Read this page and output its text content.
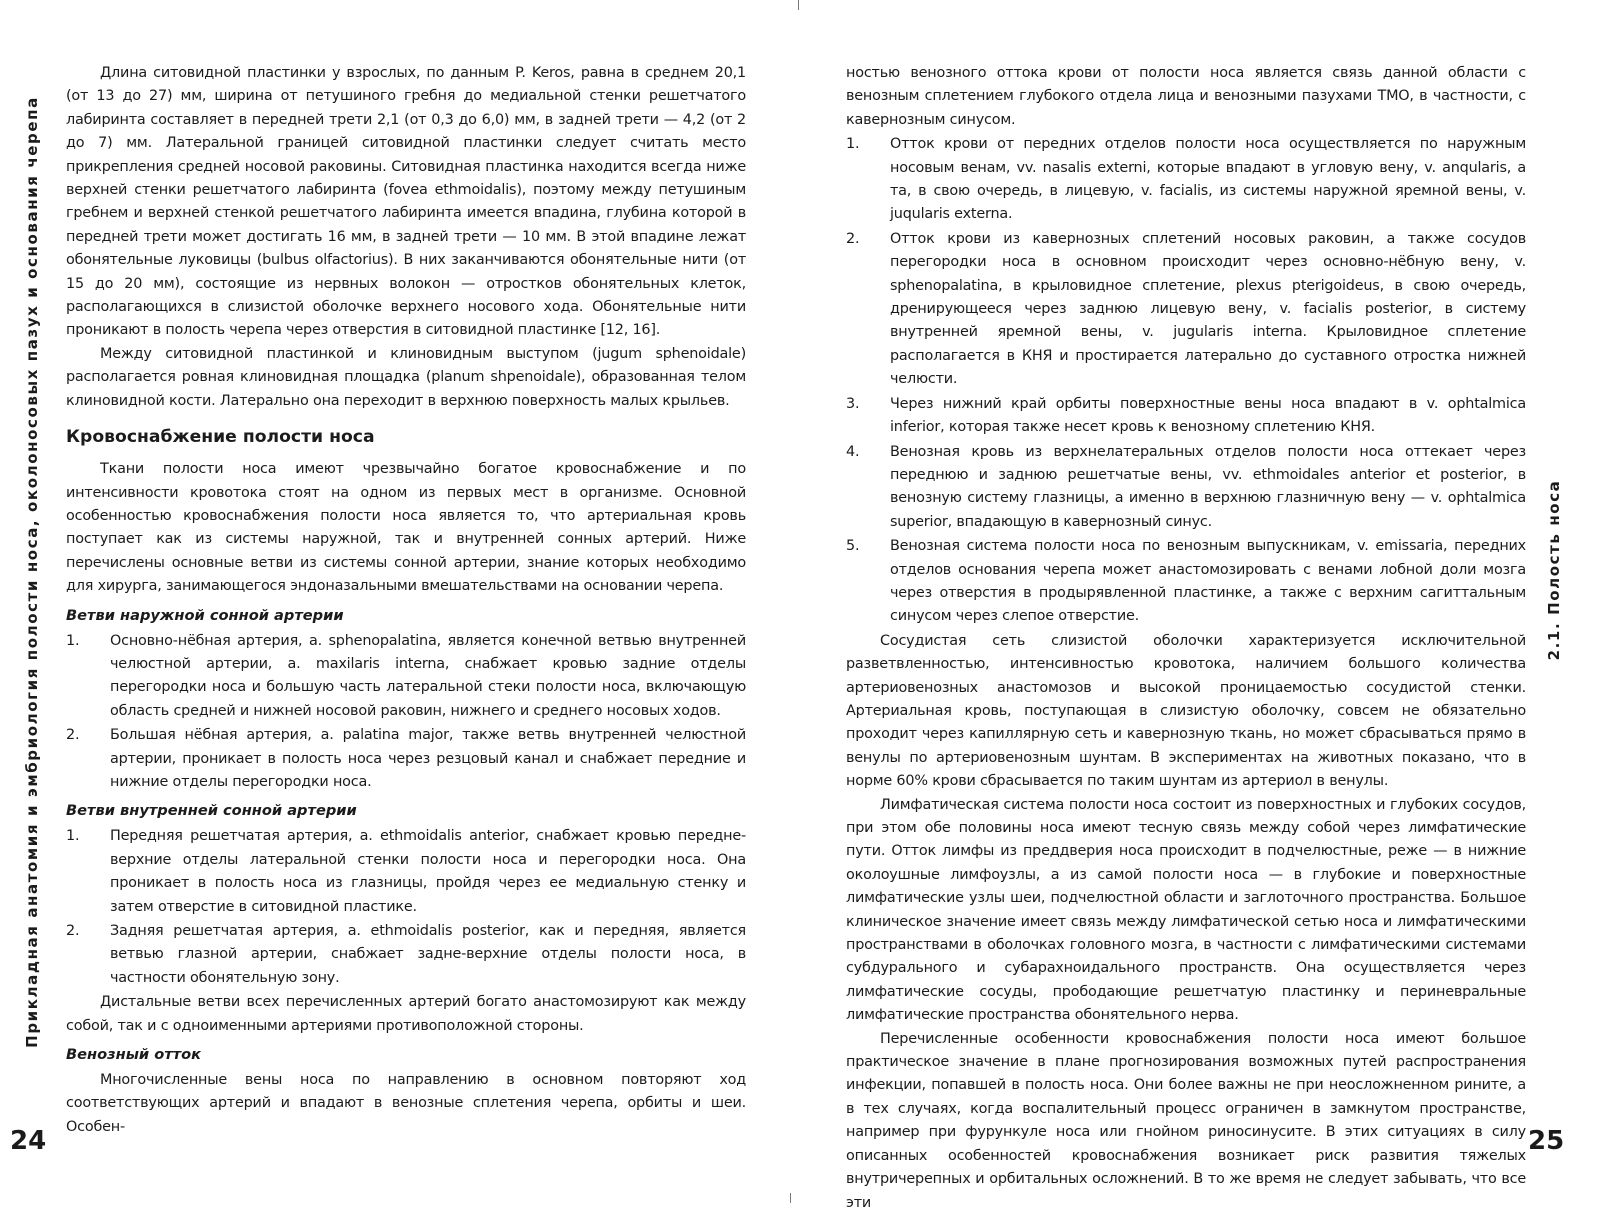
Прикладная анатомия и эмбриология полости носа, околоносовых пазух и основания черепа

Длина ситовидной пластинки у взрослых, по данным P. Keros, равна в среднем 20,1 (от 13 до 27) мм, ширина от петушиного гребня до медиальной стенки решетчатого лабиринта составляет в передней трети 2,1 (от 0,3 до 6,0) мм, в задней трети — 4,2 (от 2 до 7) мм. Латеральной границей ситовидной пластинки следует считать место прикрепления средней носовой раковины. Ситовидная пластинка находится всегда ниже верхней стенки решетчатого лабиринта (fovea ethmoidalis), поэтому между петушиным гребнем и верхней стенкой решетчатого лабиринта имеется впадина, глубина которой в передней трети может достигать 16 мм, в задней трети — 10 мм. В этой впадине лежат обонятельные луковицы (bulbus olfactorius). В них заканчиваются обонятельные нити (от 15 до 20 мм), состоящие из нервных волокон — отростков обонятельных клеток, располагающихся в слизистой оболочке верхнего носового хода. Обонятельные нити проникают в полость черепа через отверстия в ситовидной пластинке [12, 16].

Между ситовидной пластинкой и клиновидным выступом (jugum sphenoidale) располагается ровная клиновидная площадка (planum shpenoidale), образованная телом клиновидной кости. Латерально она переходит в верхнюю поверхность малых крыльев.

Кровоснабжение полости носа

Ткани полости носа имеют чрезвычайно богатое кровоснабжение и по интенсивности кровотока стоят на одном из первых мест в организме. Основной особенностью кровоснабжения полости носа является то, что артериальная кровь поступает как из системы наружной, так и внутренней сонных артерий. Ниже перечислены основные ветви из системы сонной артерии, знание которых необходимо для хирурга, занимающегося эндоназальными вмешательствами на основании черепа.

Ветви наружной сонной артерии
1.	Основно-нёбная артерия, a. sphenopalatina, является конечной ветвью внутренней челюстной артерии, a. maxilaris interna, снабжает кровью задние отделы перегородки носа и большую часть латеральной стеки полости носа, включающую область средней и нижней носовой раковин, нижнего и среднего носовых ходов.
2.	Большая нёбная артерия, a. palatina major, также ветвь внутренней челюстной артерии, проникает в полость носа через резцовый канал и снабжает передние и нижние отделы перегородки носа.
Ветви внутренней сонной артерии
1.	Передняя решетчатая артерия, a. ethmoidalis anterior, снабжает кровью передне-верхние отделы латеральной стенки полости носа и перегородки носа. Она проникает в полость носа из глазницы, пройдя через ее медиальную стенку и затем отверстие в ситовидной пластике.
2.	Задняя решетчатая артерия, a. ethmoidalis posterior, как и передняя, является ветвью глазной артерии, снабжает задне-верхние отделы полости носа, в частности обонятельную зону.

Дистальные ветви всех перечисленных артерий богато анастомозируют как между собой, так и с одноименными артериями противоположной стороны.

Венозный отток

Многочисленные вены носа по направлению в основном повторяют ход соответствующих артерий и впадают в венозные сплетения черепа, орбиты и шеи. Особен-

24

ностью венозного оттока крови от полости носа является связь данной области с венозным сплетением глубокого отдела лица и венозными пазухами ТМО, в частности, с кавернозным синусом.

1.	Отток крови от передних отделов полости носа осуществляется по наружным носовым венам, vv. nasalis externi, которые впадают в угловую вену, v. anqularis, а та, в свою очередь, в лицевую, v. facialis, из системы наружной яремной вены, v. juqularis externa.
2.	Отток крови из кавернозных сплетений носовых раковин, а также сосудов перегородки носа в основном происходит через основно-нёбную вену, v. sphenopalatina, в крыловидное сплетение, plexus pterigoideus, в свою очередь, дренирующееся через заднюю лицевую вену, v. facialis posterior, в систему внутренней яремной вены, v. jugularis interna. Крыловидное сплетение располагается в КНЯ и простирается латерально до суставного отростка нижней челюсти.
3.	Через нижний край орбиты поверхностные вены носа впадают в v. ophtalmica inferior, которая также несет кровь к венозному сплетению КНЯ.
4.	Венозная кровь из верхнелатеральных отделов полости носа оттекает через переднюю и заднюю решетчатые вены, vv. ethmoidales anterior et posterior, в венозную систему глазницы, а именно в верхнюю глазничную вену — v. ophtalmica superior, впадающую в кавернозный синус.
5.	Венозная система полости носа по венозным выпускникам, v. emissaria, передних отделов основания черепа может анастомозировать с венами лобной доли мозга через отверстия в продырявленной пластинке, а также с верхним сагиттальным синусом через слепое отверстие.

Сосудистая сеть слизистой оболочки характеризуется исключительной разветвленностью, интенсивностью кровотока, наличием большого количества артериовенозных анастомозов и высокой проницаемостью сосудистой стенки. Артериальная кровь, поступающая в слизистую оболочку, совсем не обязательно проходит через капиллярную сеть и кавернозную ткань, но может сбрасываться прямо в венулы по артериовенозным шунтам. В экспериментах на животных показано, что в норме 60% крови сбрасывается по таким шунтам из артериол в венулы.

Лимфатическая система полости носа состоит из поверхностных и глубоких сосудов, при этом обе половины носа имеют тесную связь между собой через лимфатические пути. Отток лимфы из преддверия носа происходит в подчелюстные, реже — в нижние околоушные лимфоузлы, а из самой полости носа — в глубокие и поверхностные лимфатические узлы шеи, подчелюстной области и заглоточного пространства. Большое клиническое значение имеет связь между лимфатической сетью носа и лимфатическими пространствами в оболочках головного мозга, в частности с лимфатическими системами субдурального и субарахноидального пространств. Она осуществляется через лимфатические сосуды, прободающие решетчатую пластинку и периневральные лимфатические пространства обонятельного нерва.

Перечисленные особенности кровоснабжения полости носа имеют большое практическое значение в плане прогнозирования возможных путей распространения инфекции, попавшей в полость носа. Они более важны не при неосложненном рините, а в тех случаях, когда воспалительный процесс ограничен в замкнутом пространстве, например при фурункуле носа или гнойном риносинусите. В этих ситуациях в силу описанных особенностей кровоснабжения возникает риск развития тяжелых внутричерепных и орбитальных осложнений. В то же время не следует забывать, что все эти

2.1. Полость носа
25
